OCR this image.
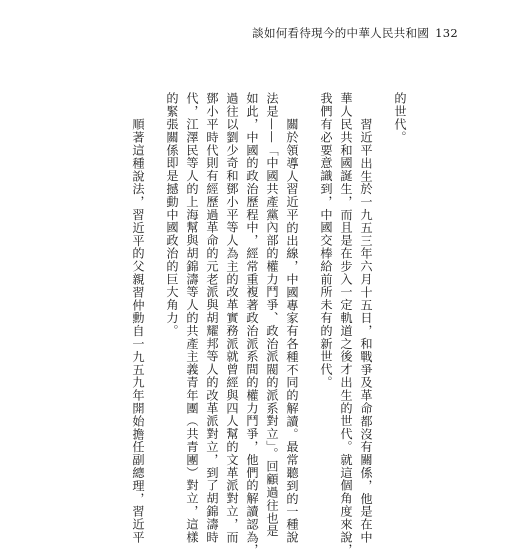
談如何看待現今的中華人民共和國 132
的世代。
習近平出生於一九五三年六月十五日，和戰爭及革命都沒有關係，他是在中
華人民共和國誕生，而且是在步入一定軌道之後才出生的世代。就這個角度來說，
我們有必要意識到，中國交棒給前所未有的新世代。
關於領導人習近平的出線，中國專家有各種不同的解讀。最常聽到的一種說
法是——「中國共產黨內部的權力鬥爭、政治派閥的派系對立」。回顧過往也是
如此，中國的政治歷程中，經常重複著政治派系間的權力鬥爭，他們的解讀認為，
過往以劉少奇和鄧小平等人為主的改革實務派就曾經與四人幫的文革派對立，而
鄧小平時代則有經歷過革命的元老派與胡耀邦等人的改革派對立，到了胡錦濤時
代，江澤民等人的上海幫與胡錦濤等人的共產主義青年團（共青團）對立，這樣
的緊張關係即是撼動中國政治的巨大角力。
順著這種說法，習近平的父親習仲勳自一九五九年開始擔任副總理，習近平
